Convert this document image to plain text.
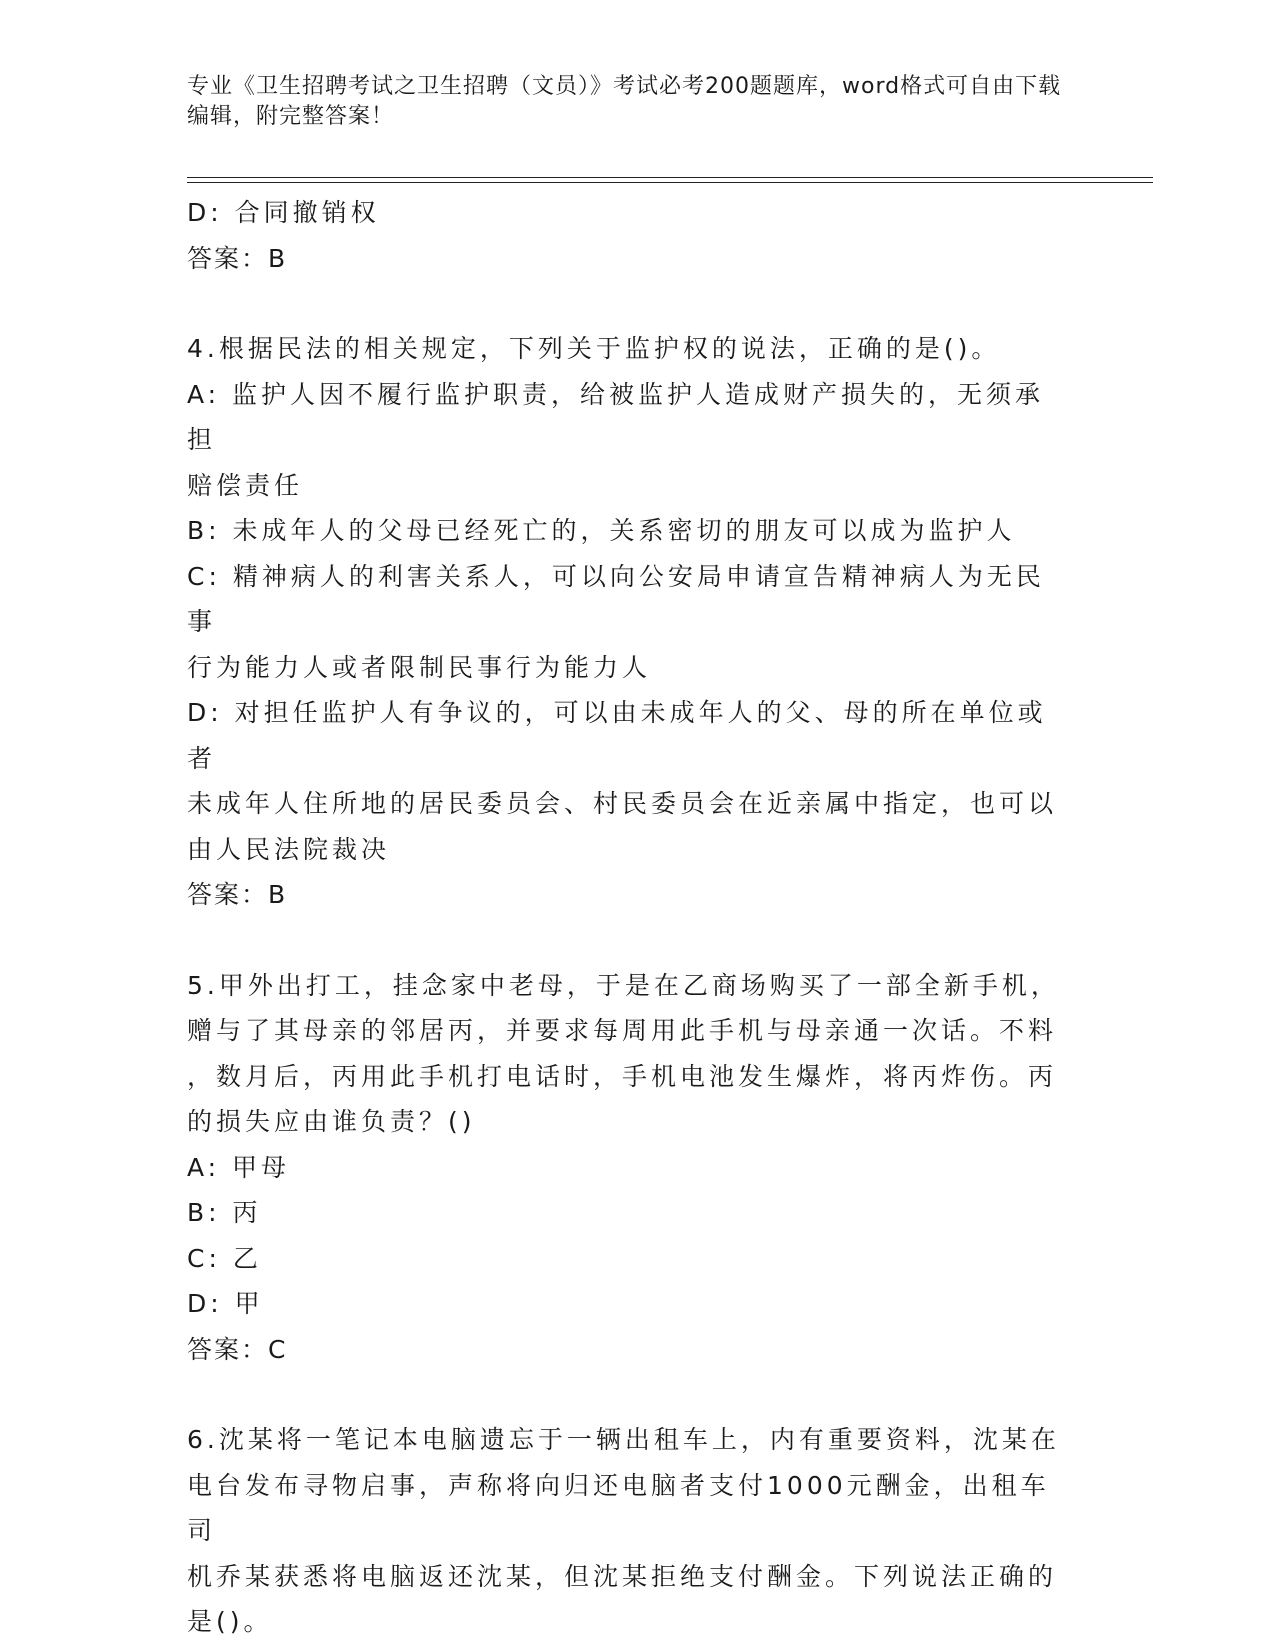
专业《卫生招聘考试之卫生招聘（文员）》考试必考200题题库，word格式可自由下载编辑，附完整答案！
D: 合同撤销权
答案：B
4.根据民法的相关规定，下列关于监护权的说法，正确的是()。
A: 监护人因不履行监护职责，给被监护人造成财产损失的，无须承担
赔偿责任
B: 未成年人的父母已经死亡的，关系密切的朋友可以成为监护人
C: 精神病人的利害关系人，可以向公安局申请宣告精神病人为无民事
行为能力人或者限制民事行为能力人
D: 对担任监护人有争议的，可以由未成年人的父、母的所在单位或者
未成年人住所地的居民委员会、村民委员会在近亲属中指定，也可以
由人民法院裁决
答案：B
5.甲外出打工，挂念家中老母，于是在乙商场购买了一部全新手机，
赠与了其母亲的邻居丙，并要求每周用此手机与母亲通一次话。不料
，数月后，丙用此手机打电话时，手机电池发生爆炸，将丙炸伤。丙
的损失应由谁负责？()
A: 甲母
B: 丙
C: 乙
D: 甲
答案：C
6.沈某将一笔记本电脑遗忘于一辆出租车上，内有重要资料，沈某在
电台发布寻物启事，声称将向归还电脑者支付1000元酬金，出租车司
机乔某获悉将电脑返还沈某，但沈某拒绝支付酬金。下列说法正确的
是()。
